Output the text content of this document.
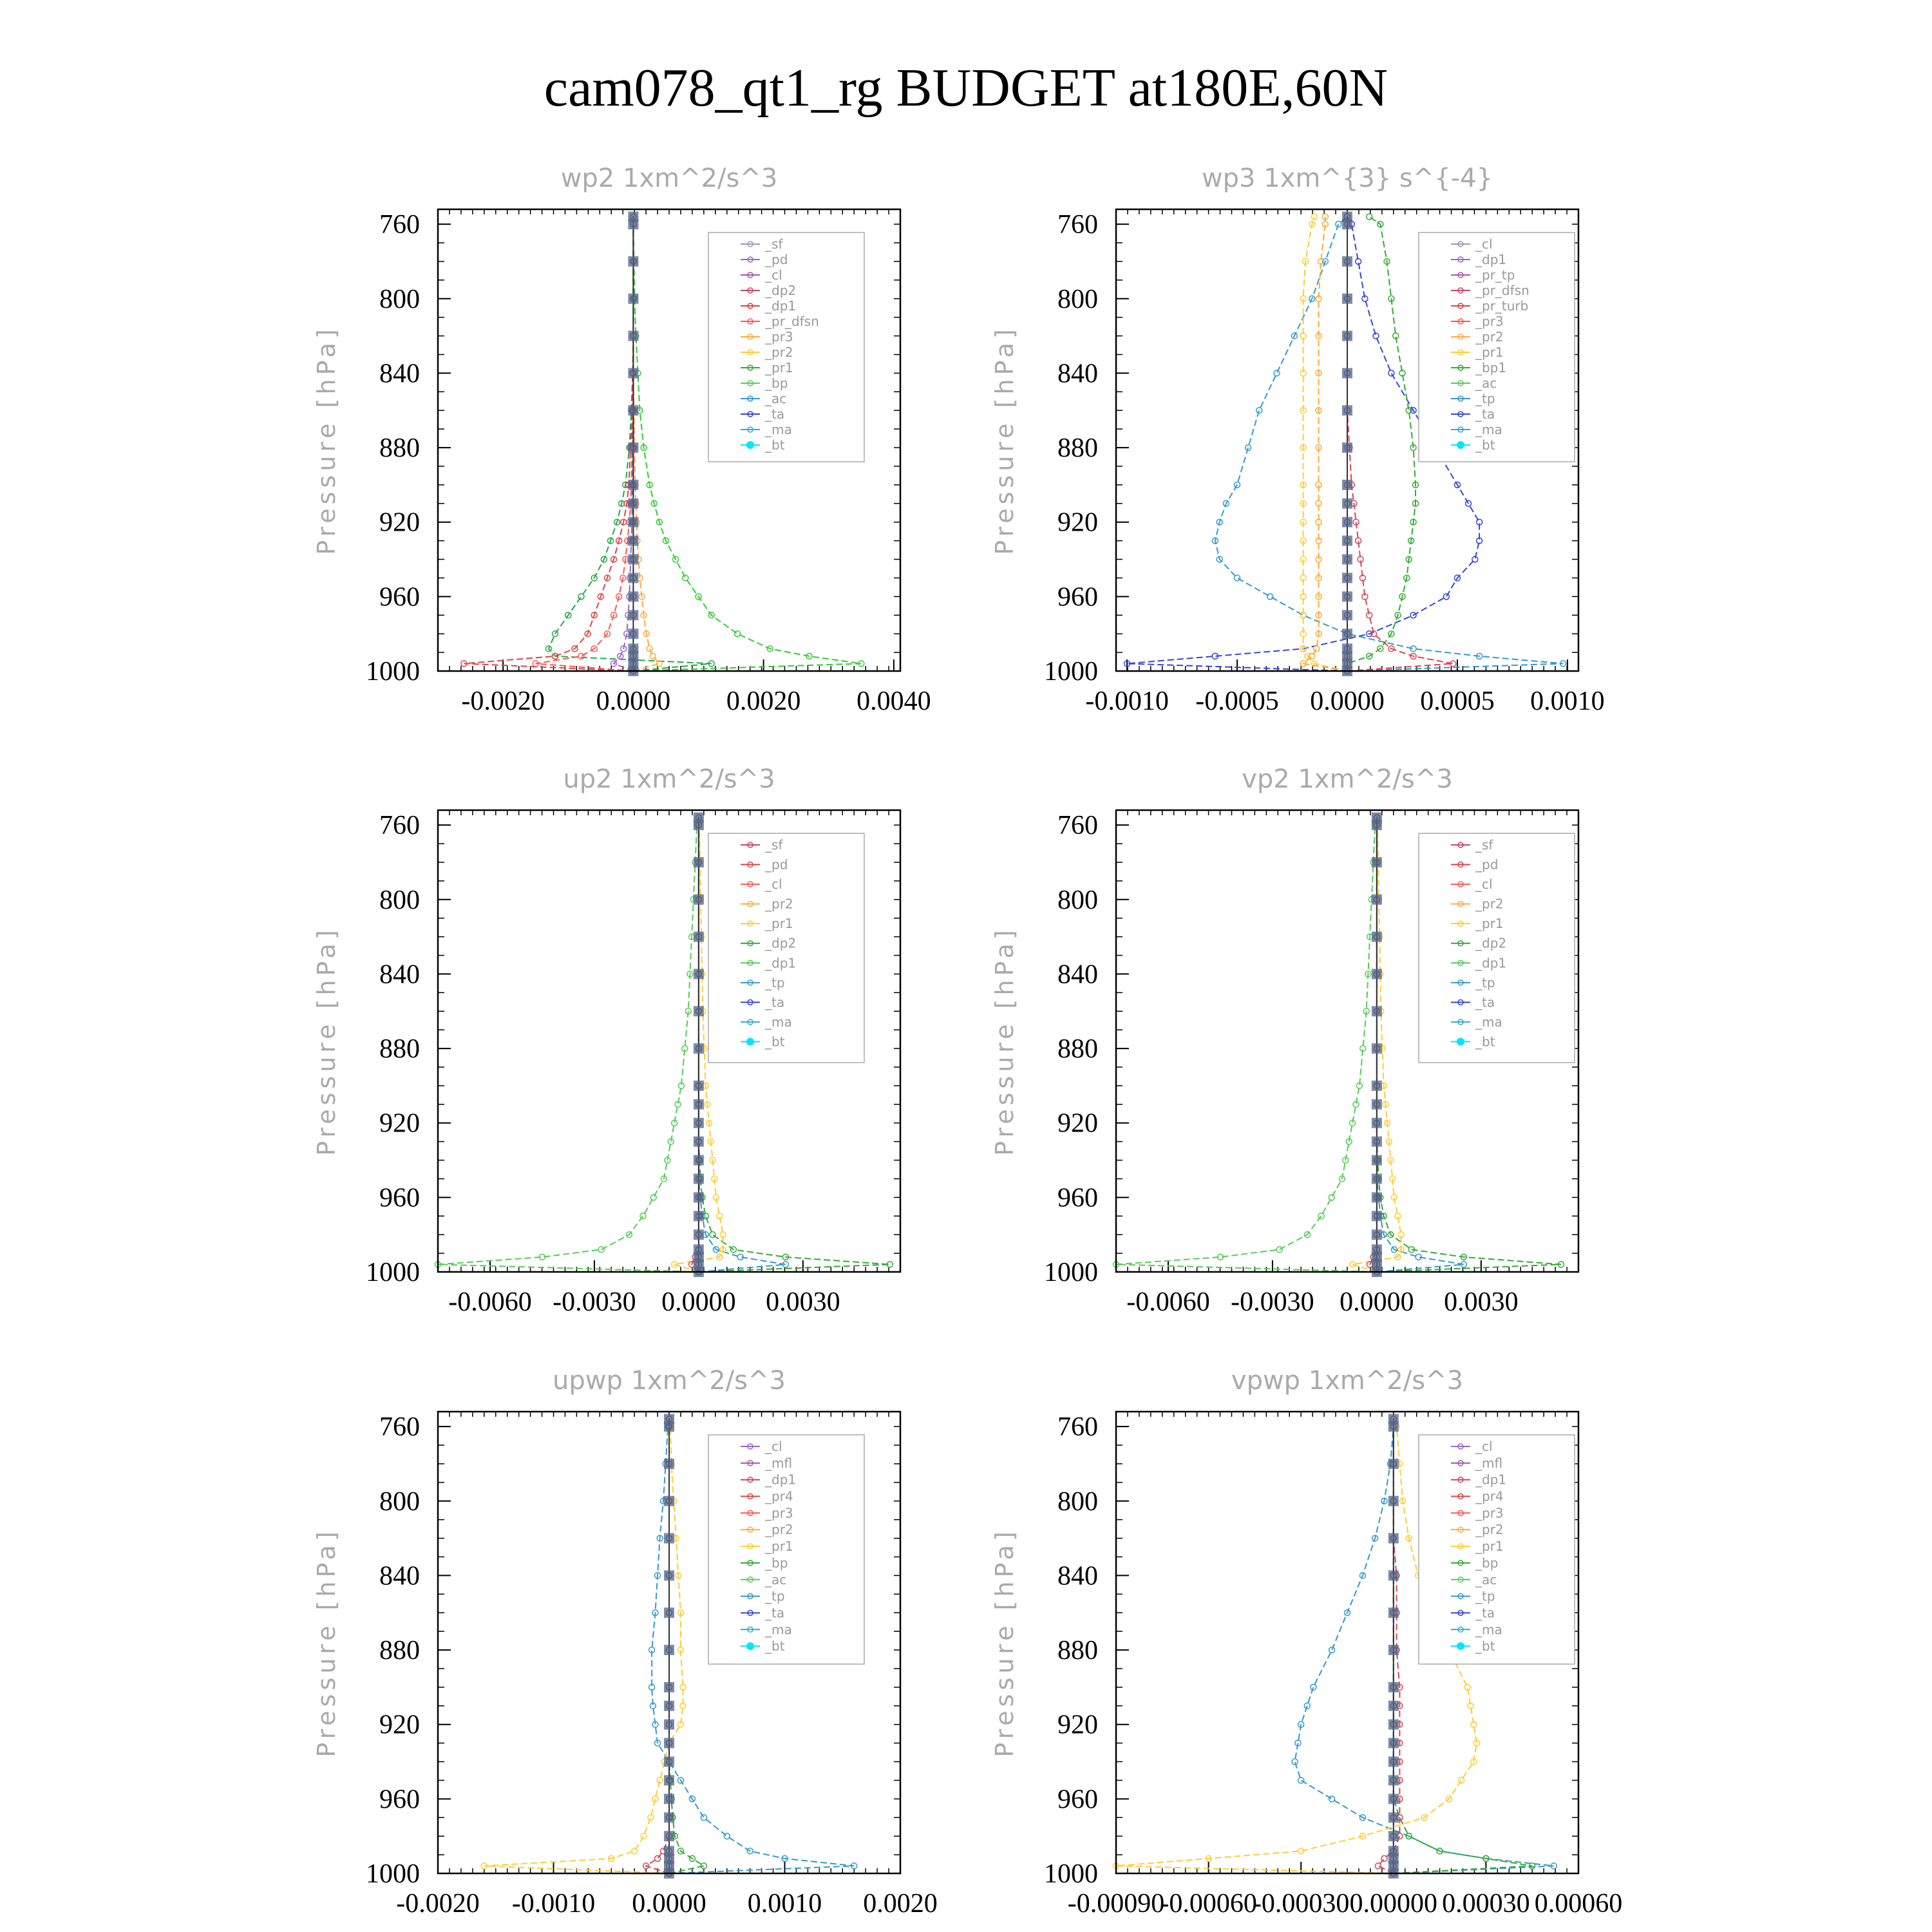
cam078_qt1_rg BUDGET at180E,60N
wp2 1xm^2/s^3
Pressure [hPa]
760
800
840
880
920
960
1000
-0.0020 0.0000 0.0020 0.0040
_sf
_pd
_cl
_dp2
_dp1
_pr_dfsn
_pr3
_pr2
_pr1
_bp
_ac
_ta
_ma
_bt
wp3 1xm^{3} s^{-4}
Pressure [hPa]
760
800
840
880
920
960
1000
-0.0010 -0.0005 0.0000 0.0005 0.0010
_cl
_dp1
_pr_tp
_pr_dfsn
_pr_turb
_pr3
_pr2
_pr1
_bp1
_ac
_tp
_ta
_ma
_bt
up2 1xm^2/s^3
Pressure [hPa]
760
800
840
880
920
960
1000
-0.0060 -0.0030 0.0000 0.0030
_sf
_pd
_cl
_pr2
_pr1
_dp2
_dp1
_tp
_ta
_ma
_bt
vp2 1xm^2/s^3
Pressure [hPa]
760
800
840
880
920
960
1000
-0.0060 -0.0030 0.0000 0.0030
_sf
_pd
_cl
_pr2
_pr1
_dp2
_dp1
_tp
_ta
_ma
_bt
upwp 1xm^2/s^3
Pressure [hPa]
760
800
840
880
920
960
1000
-0.0020 -0.0010 0.0000 0.0010 0.0020
_cl
_mfl
_dp1
_pr4
_pr3
_pr2
_pr1
_bp
_ac
_tp
_ta
_ma
_bt
vpwp 1xm^2/s^3
Pressure [hPa]
760
800
840
880
920
960
1000
-0.00090
-0.00060
-0.00030 0.00000 0.00030 0.00060
_cl
_mfl
_dp1
_pr4
_pr3
_pr2
_pr1
_bp
_ac
_tp
_ta
_ma
_bt
